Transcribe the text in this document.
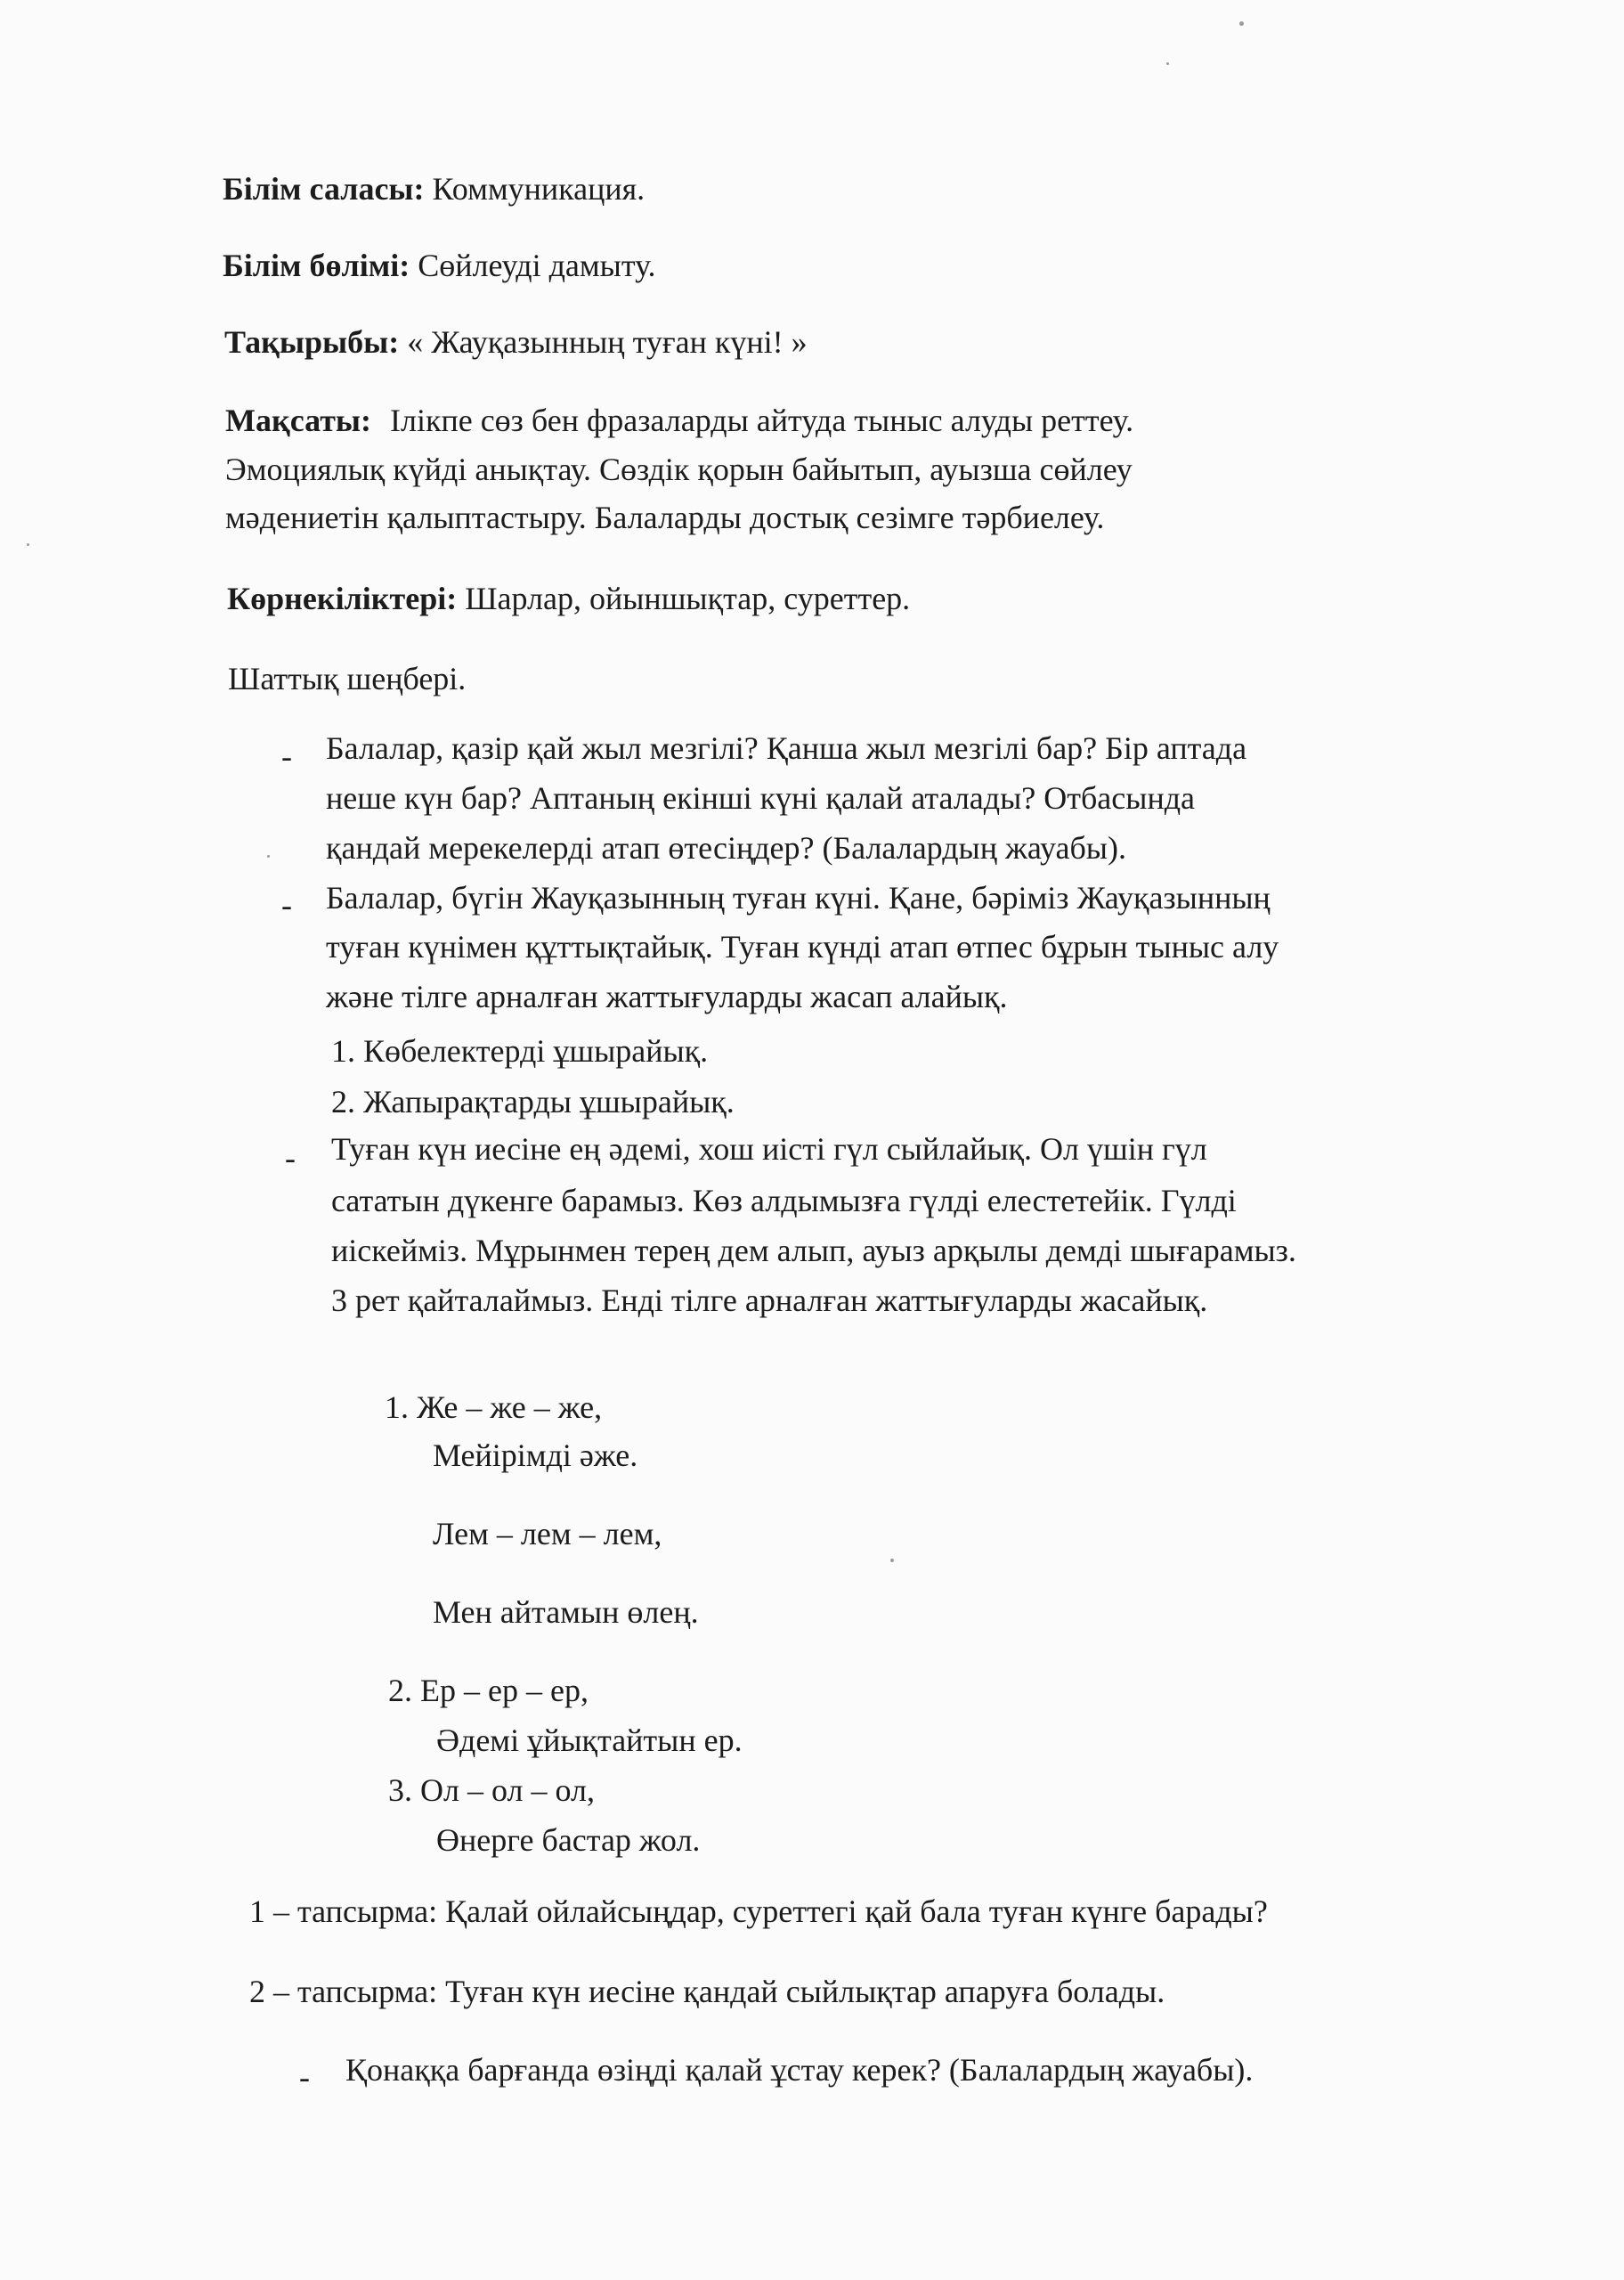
Білім саласы: Коммуникация.
Білім бөлімі: Сөйлеуді дамыту.
Тақырыбы: « Жауқазынның туған күні! »
Мақсаты: Ілікпе сөз бен фразаларды айтуда тыныс алуды реттеу.
Эмоциялық күйді анықтау. Сөздік қорын байытып, ауызша сөйлеу
мәдениетін қалыптастыру. Балаларды достық сезімге тәрбиелеу.
Көрнекіліктері: Шарлар, ойыншықтар, суреттер.
Шаттық шеңбері.
- Балалар, қазір қай жыл мезгілі? Қанша жыл мезгілі бар? Бір аптада
неше күн бар? Аптаның екінші күні қалай аталады? Отбасында
қандай мерекелерді атап өтесіңдер? (Балалардың жауабы).
- Балалар, бүгін Жауқазынның туған күні. Қане, бәріміз Жауқазынның
туған күнімен құттықтайық. Туған күнді атап өтпес бұрын тыныс алу
және тілге арналған жаттығуларды жасап алайық.
1. Көбелектерді ұшырайық.
2. Жапырақтарды ұшырайық.
- Туған күн иесіне ең әдемі, хош иісті гүл сыйлайық. Ол үшін гүл
сататын дүкенге барамыз. Көз алдымызға гүлді елестетейік. Гүлді
иіскейміз. Мұрынмен терең дем алып, ауыз арқылы демді шығарамыз.
3 рет қайталаймыз. Енді тілге арналған жаттығуларды жасайық.
1. Же – же – же,
Мейірімді әже.
Лем – лем – лем,
Мен айтамын өлең.
2. Ер – ер – ер,
Әдемі ұйықтайтын ер.
3. Ол – ол – ол,
Өнерге бастар жол.
1 – тапсырма: Қалай ойлайсыңдар, суреттегі қай бала туған күнге барады?
2 – тапсырма: Туған күн иесіне қандай сыйлықтар апаруға болады.
- Қонаққа барғанда өзіңді қалай ұстау керек? (Балалардың жауабы).
